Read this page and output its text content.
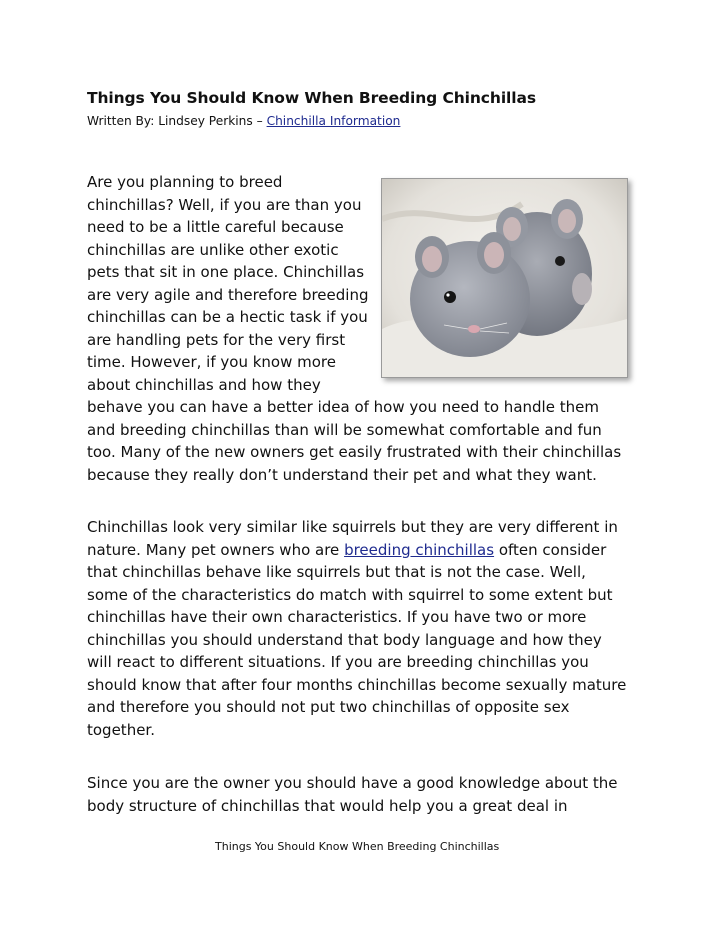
Things You Should Know When Breeding Chinchillas
Written By: Lindsey Perkins – Chinchilla Information

Are you planning to breed

chinchillas? Well, if you are than you

need to be a little careful because

chinchillas are unlike other exotic

pets that sit in one place. Chinchillas

are very agile and therefore breeding

chinchillas can be a hectic task if you

are handling pets for the very first

time. However, if you know more

about chinchillas and how they

behave you can have a better idea of how you need to handle them

and breeding chinchillas than will be somewhat comfortable and fun

too. Many of the new owners get easily frustrated with their chinchillas

because they really don’t understand their pet and what they want.

Chinchillas look very similar like squirrels but they are very different in

nature. Many pet owners who are breeding chinchillas often consider

that chinchillas behave like squirrels but that is not the case. Well,

some of the characteristics do match with squirrel to some extent but

chinchillas have their own characteristics. If you have two or more

chinchillas you should understand that body language and how they

will react to different situations. If you are breeding chinchillas you

should know that after four months chinchillas become sexually mature

and therefore you should not put two chinchillas of opposite sex

together.

Since you are the owner you should have a good knowledge about the

body structure of chinchillas that would help you a great deal in

Things You Should Know When Breeding Chinchillas
